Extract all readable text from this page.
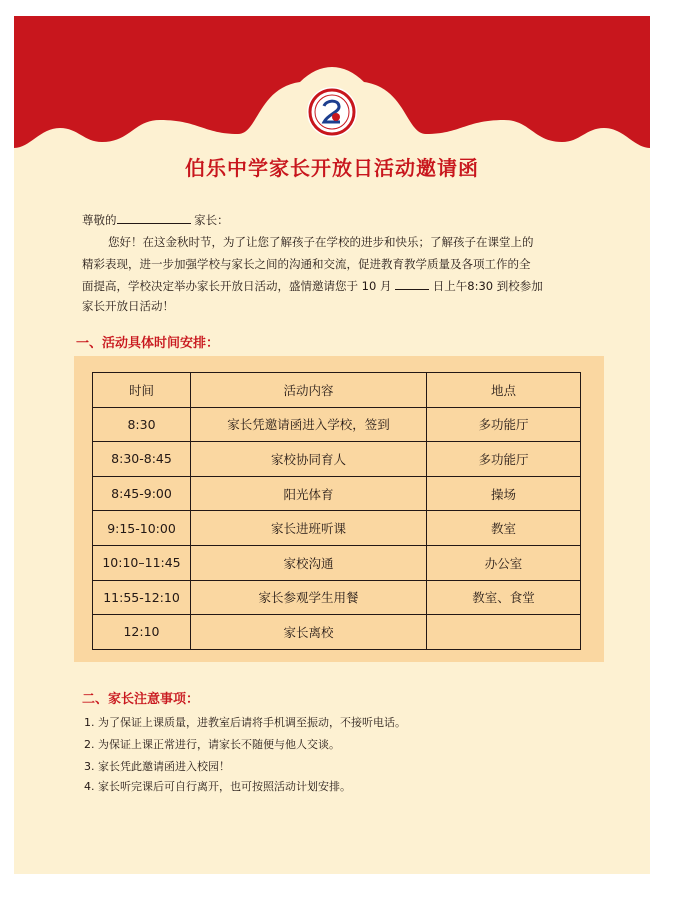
伯乐中学家长开放日活动邀请函
尊敬的	家长：
您好！在这金秋时节，为了让您了解孩子在学校的进步和快乐；了解孩子在课堂上的
精彩表现，进一步加强学校与家长之间的沟通和交流，促进教育教学质量及各项工作的全
面提高，学校决定举办家长开放日活动，盛情邀请您于 10 月	日上午8:30 到校参加
家长开放日活动！
一、活动具体时间安排：
时间	活动内容	地点
8:30	家长凭邀请函进入学校，签到	多功能厅
8:30-8:45	家校协同育人	多功能厅
8:45-9:00	阳光体育	操场
9:15-10:00	家长进班听课	教室
10:10–11:45	家校沟通	办公室
11:55-12:10	家长参观学生用餐	教室、食堂
12:10	家长离校	
二、家长注意事项：
1. 为了保证上课质量，进教室后请将手机调至振动，不接听电话。
2. 为保证上课正常进行，请家长不随便与他人交谈。
3. 家长凭此邀请函进入校园！
4. 家长听完课后可自行离开，也可按照活动计划安排。
